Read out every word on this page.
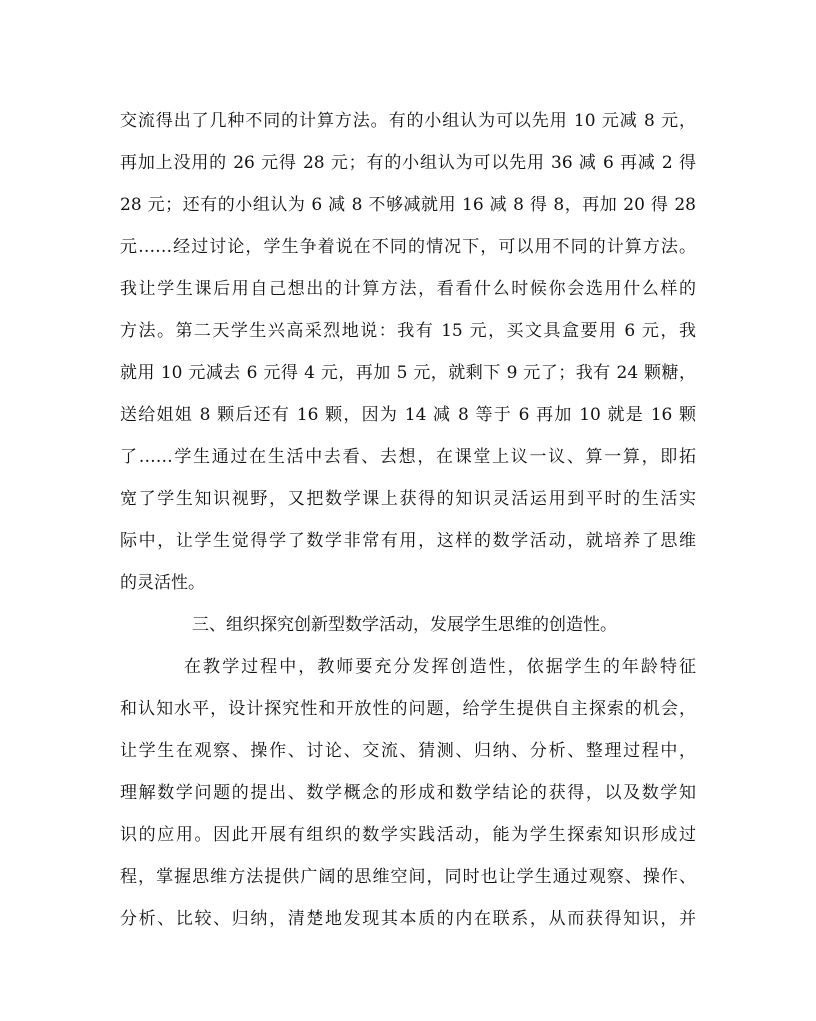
交流得出了几种不同的计算方法。有的小组认为可以先用 10 元减 8 元，
再加上没用的 26 元得 28 元；有的小组认为可以先用 36 减 6 再减 2 得
28 元；还有的小组认为 6 减 8 不够减就用 16 减 8 得 8，再加 20 得 28
元……经过讨论，学生争着说在不同的情况下，可以用不同的计算方法。
我让学生课后用自己想出的计算方法，看看什么时候你会选用什么样的
方法。第二天学生兴高采烈地说：我有 15 元，买文具盒要用 6 元，我
就用 10 元减去 6 元得 4 元，再加 5 元，就剩下 9 元了；我有 24 颗糖，
送给姐姐 8 颗后还有 16 颗，因为 14 减 8 等于 6 再加 10 就是 16 颗
了……学生通过在生活中去看、去想，在课堂上议一议、算一算，即拓
宽了学生知识视野，又把数学课上获得的知识灵活运用到平时的生活实
际中，让学生觉得学了数学非常有用，这样的数学活动，就培养了思维
的灵活性。
三、组织探究创新型数学活动，发展学生思维的创造性。
在教学过程中，教师要充分发挥创造性，依据学生的年龄特征
和认知水平，设计探究性和开放性的问题，给学生提供自主探索的机会，
让学生在观察、操作、讨论、交流、猜测、归纳、分析、整理过程中，
理解数学问题的提出、数学概念的形成和数学结论的获得，以及数学知
识的应用。因此开展有组织的数学实践活动，能为学生探索知识形成过
程，掌握思维方法提供广阔的思维空间，同时也让学生通过观察、操作、
分析、比较、归纳，清楚地发现其本质的内在联系，从而获得知识，并
